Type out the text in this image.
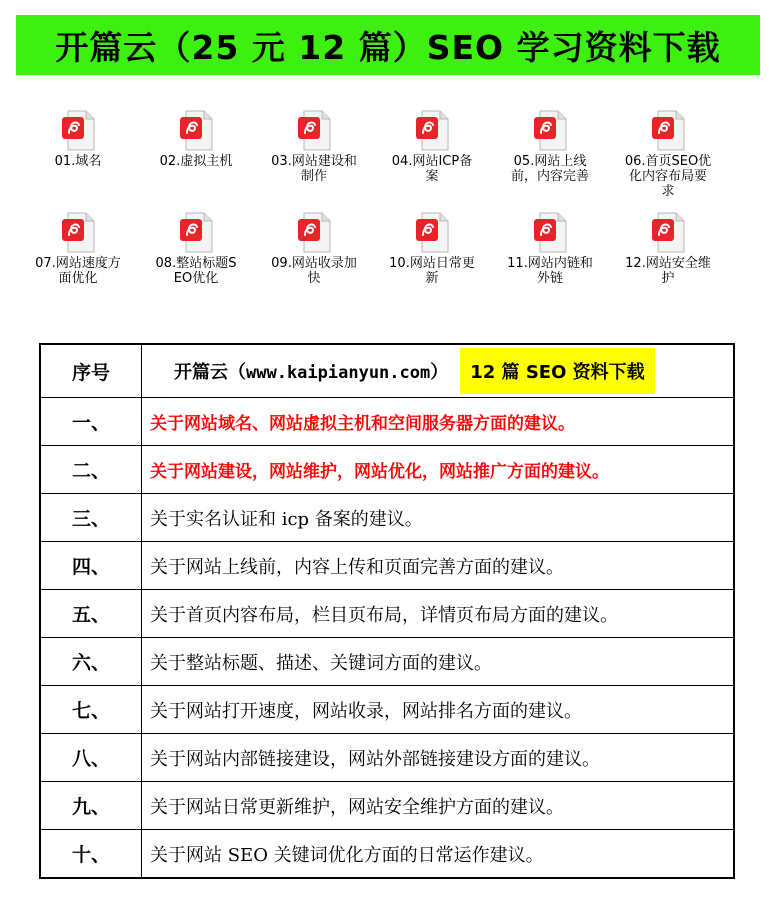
开篇云（25 元 12 篇）SEO 学习资料下载
01.域名	02.虚拟主机	03.网站建设和制作
04.网站ICP备案
05.网站上线前，内容完善
06.首页SEO优化内容布局要求
07.网站速度方面优化
08.整站标题SEO优化
09.网站收录加快
10.网站日常更新
11.网站内链和外链
12.网站安全维护
序号	开篇云（www.kaipianyun.com） 12 篇 SEO 资料下载

一、	关于网站域名、网站虚拟主机和空间服务器方面的建议。
二、	关于网站建设，网站维护，网站优化，网站推广方面的建议。
三、	关于实名认证和 icp 备案的建议。
四、	关于网站上线前，内容上传和页面完善方面的建议。
五、	关于首页内容布局，栏目页布局，详情页布局方面的建议。
六、	关于整站标题、描述、关键词方面的建议。
七、	关于网站打开速度，网站收录，网站排名方面的建议。
八、	关于网站内部链接建设，网站外部链接建设方面的建议。
九、	关于网站日常更新维护，网站安全维护方面的建议。
十、	关于网站 SEO 关键词优化方面的日常运作建议。
